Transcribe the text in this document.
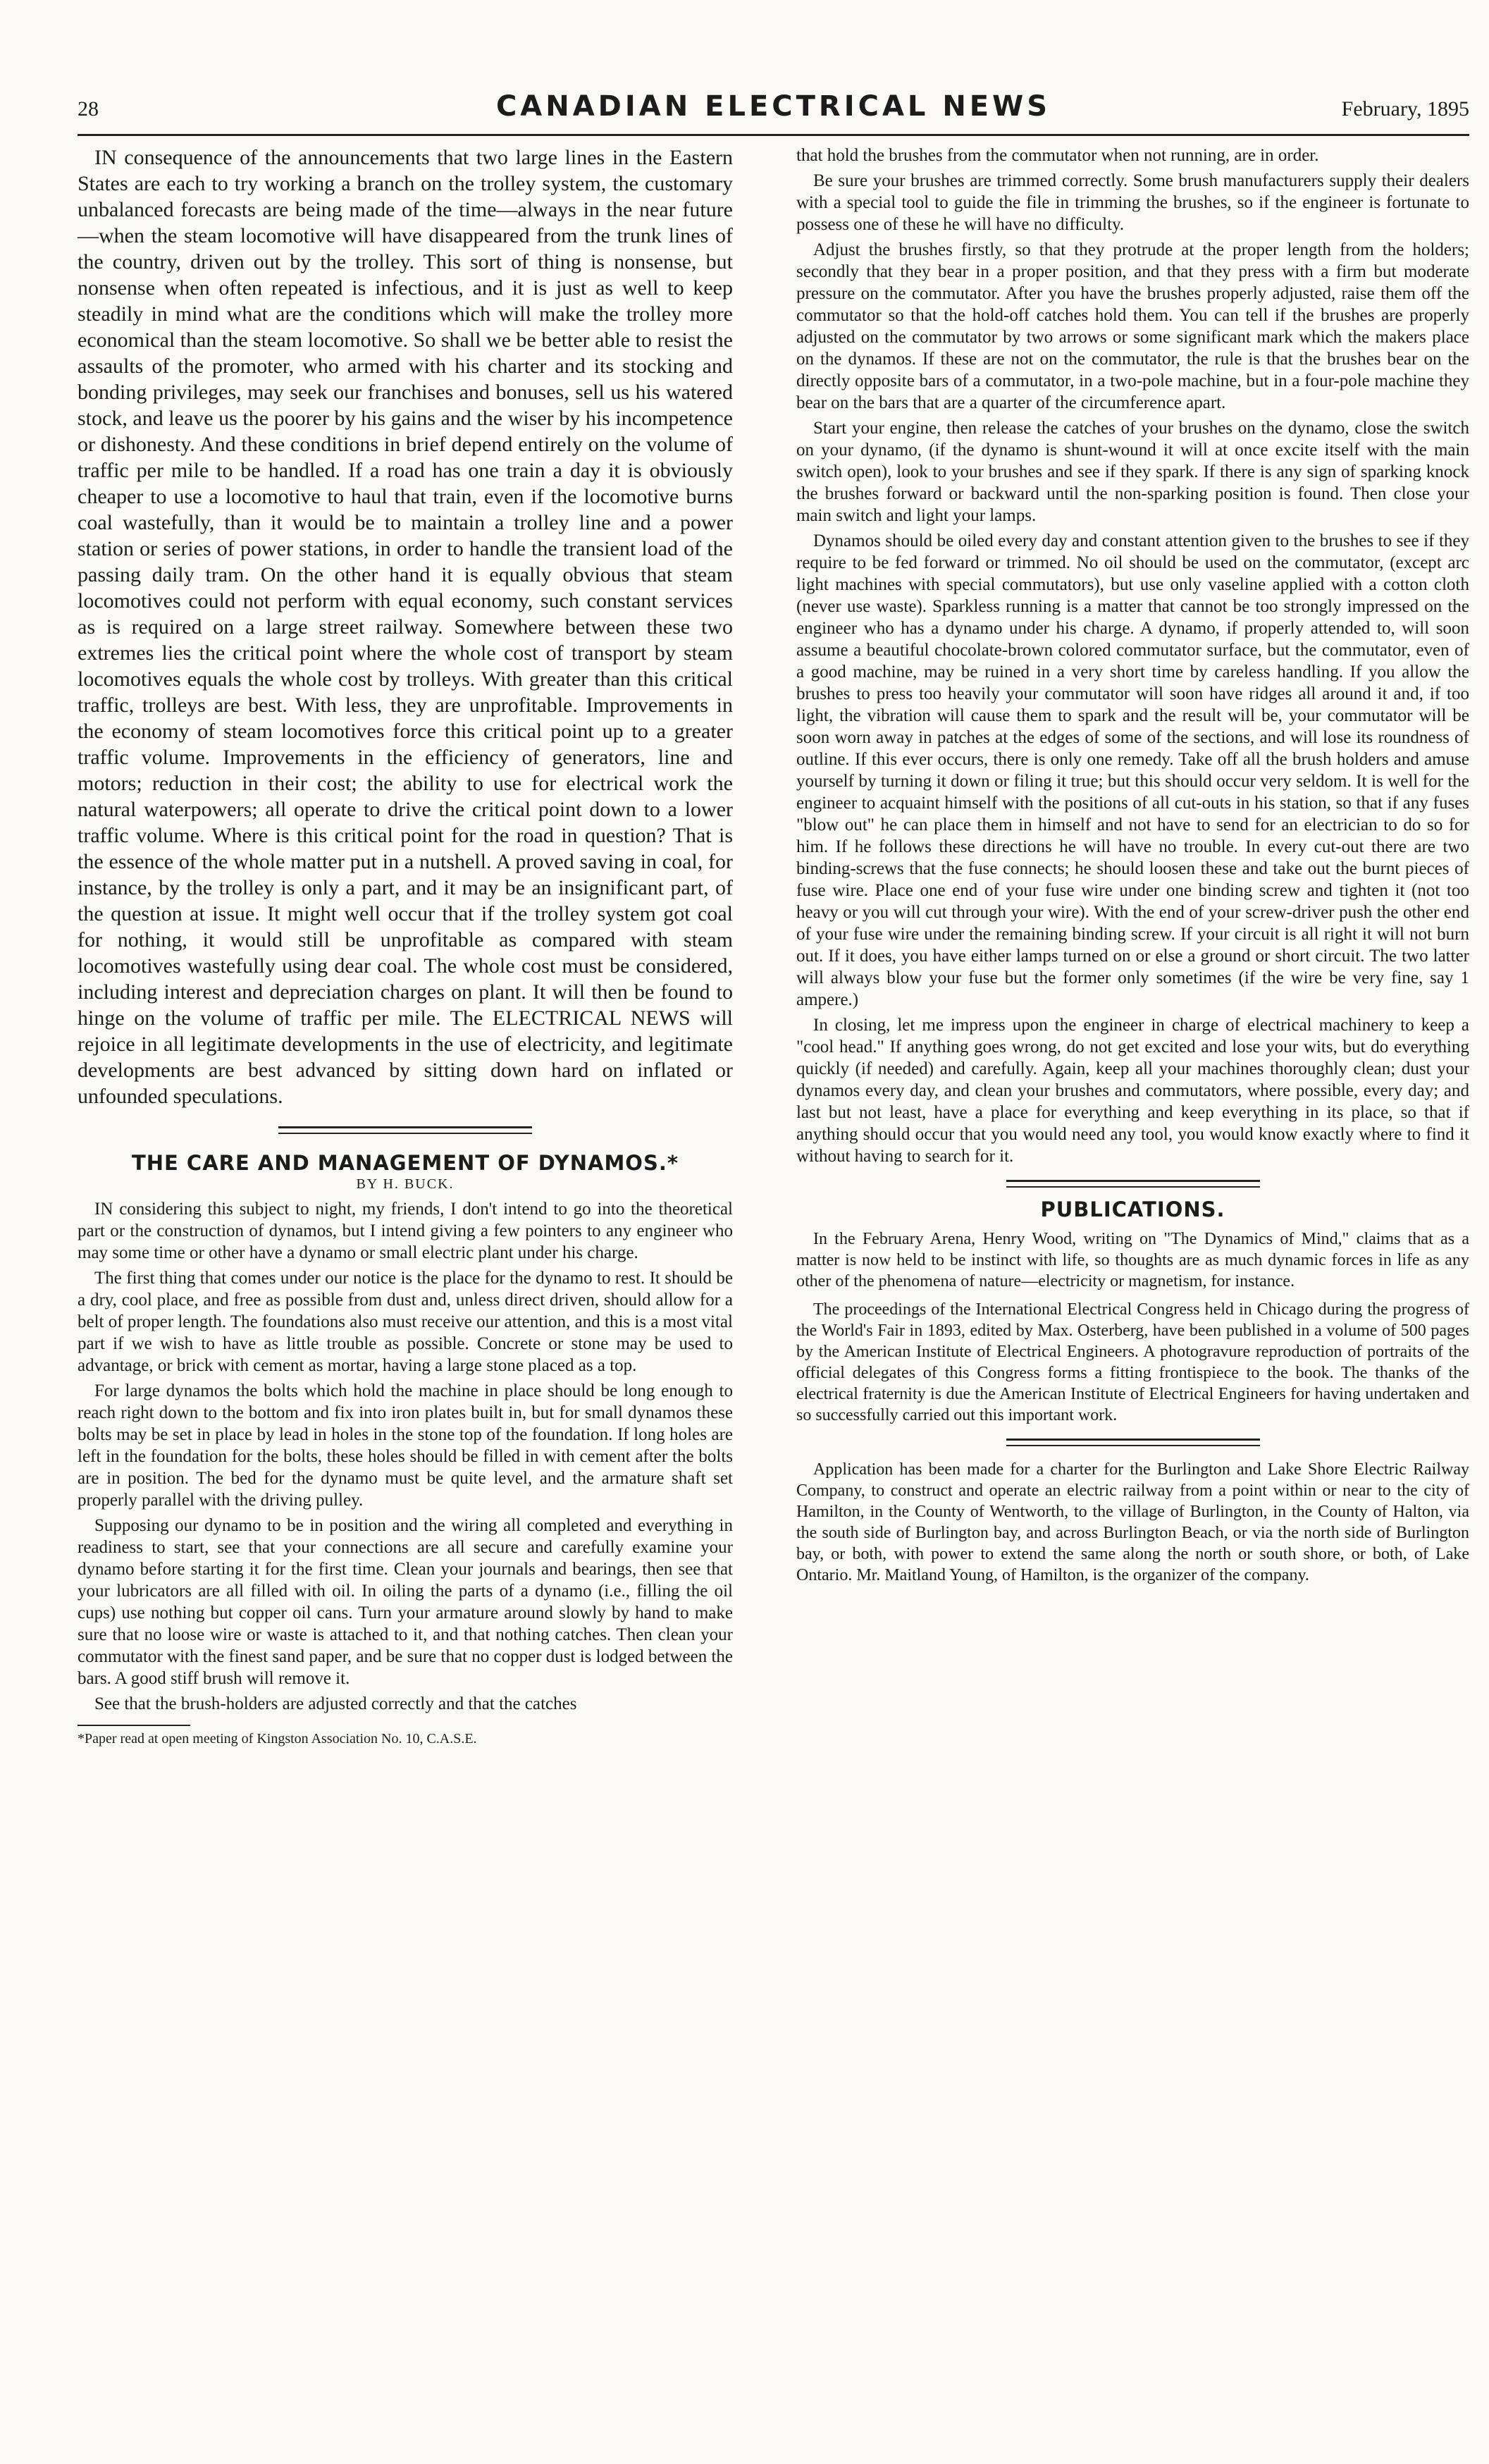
28	CANADIAN ELECTRICAL NEWS	February, 1895

IN consequence of the announcements that two large lines in the Eastern States are each to try working a branch on the trolley system, the customary unbalanced forecasts are being made of the time—always in the near future—when the steam locomotive will have disappeared from the trunk lines of the country, driven out by the trolley. This sort of thing is nonsense, but nonsense when often repeated is infectious, and it is just as well to keep steadily in mind what are the conditions which will make the trolley more economical than the steam locomotive. So shall we be better able to resist the assaults of the promoter, who armed with his charter and its stocking and bonding privileges, may seek our franchises and bonuses, sell us his watered stock, and leave us the poorer by his gains and the wiser by his incompetence or dishonesty. And these conditions in brief depend entirely on the volume of traffic per mile to be handled. If a road has one train a day it is obviously cheaper to use a locomotive to haul that train, even if the locomotive burns coal wastefully, than it would be to maintain a trolley line and a power station or series of power stations, in order to handle the transient load of the passing daily tram. On the other hand it is equally obvious that steam locomotives could not perform with equal economy, such constant services as is required on a large street railway. Somewhere between these two extremes lies the critical point where the whole cost of transport by steam locomotives equals the whole cost by trolleys. With greater than this critical traffic, trolleys are best. With less, they are unprofitable. Improvements in the economy of steam locomotives force this critical point up to a greater traffic volume. Improvements in the efficiency of generators, line and motors; reduction in their cost; the ability to use for electrical work the natural waterpowers; all operate to drive the critical point down to a lower traffic volume. Where is this critical point for the road in question? That is the essence of the whole matter put in a nutshell. A proved saving in coal, for instance, by the trolley is only a part, and it may be an insignificant part, of the question at issue. It might well occur that if the trolley system got coal for nothing, it would still be unprofitable as compared with steam locomotives wastefully using dear coal. The whole cost must be considered, including interest and depreciation charges on plant. It will then be found to hinge on the volume of traffic per mile. The ELECTRICAL NEWS will rejoice in all legitimate developments in the use of electricity, and legitimate developments are best advanced by sitting down hard on inflated or unfounded speculations.

THE CARE AND MANAGEMENT OF DYNAMOS.*
BY H. BUCK.

IN considering this subject to night, my friends, I don't intend to go into the theoretical part or the construction of dynamos, but I intend giving a few pointers to any engineer who may some time or other have a dynamo or small electric plant under his charge.

The first thing that comes under our notice is the place for the dynamo to rest. It should be a dry, cool place, and free as possible from dust and, unless direct driven, should allow for a belt of proper length. The foundations also must receive our attention, and this is a most vital part if we wish to have as little trouble as possible. Concrete or stone may be used to advantage, or brick with cement as mortar, having a large stone placed as a top.

For large dynamos the bolts which hold the machine in place should be long enough to reach right down to the bottom and fix into iron plates built in, but for small dynamos these bolts may be set in place by lead in holes in the stone top of the foundation. If long holes are left in the foundation for the bolts, these holes should be filled in with cement after the bolts are in position. The bed for the dynamo must be quite level, and the armature shaft set properly parallel with the driving pulley.

Supposing our dynamo to be in position and the wiring all completed and everything in readiness to start, see that your connections are all secure and carefully examine your dynamo before starting it for the first time. Clean your journals and bearings, then see that your lubricators are all filled with oil. In oiling the parts of a dynamo (i.e., filling the oil cups) use nothing but copper oil cans. Turn your armature around slowly by hand to make sure that no loose wire or waste is attached to it, and that nothing catches. Then clean your commutator with the finest sand paper, and be sure that no copper dust is lodged between the bars. A good stiff brush will remove it.

See that the brush-holders are adjusted correctly and that the catches

*Paper read at open meeting of Kingston Association No. 10, C.A.S.E.

that hold the brushes from the commutator when not running, are in order.

Be sure your brushes are trimmed correctly. Some brush manufacturers supply their dealers with a special tool to guide the file in trimming the brushes, so if the engineer is fortunate to possess one of these he will have no difficulty.

Adjust the brushes firstly, so that they protrude at the proper length from the holders; secondly that they bear in a proper position, and that they press with a firm but moderate pressure on the commutator. After you have the brushes properly adjusted, raise them off the commutator so that the hold-off catches hold them. You can tell if the brushes are properly adjusted on the commutator by two arrows or some significant mark which the makers place on the dynamos. If these are not on the commutator, the rule is that the brushes bear on the directly opposite bars of a commutator, in a two-pole machine, but in a four-pole machine they bear on the bars that are a quarter of the circumference apart.

Start your engine, then release the catches of your brushes on the dynamo, close the switch on your dynamo, (if the dynamo is shunt-wound it will at once excite itself with the main switch open), look to your brushes and see if they spark. If there is any sign of sparking knock the brushes forward or backward until the non-sparking position is found. Then close your main switch and light your lamps.

Dynamos should be oiled every day and constant attention given to the brushes to see if they require to be fed forward or trimmed. No oil should be used on the commutator, (except arc light machines with special commutators), but use only vaseline applied with a cotton cloth (never use waste). Sparkless running is a matter that cannot be too strongly impressed on the engineer who has a dynamo under his charge. A dynamo, if properly attended to, will soon assume a beautiful chocolate-brown colored commutator surface, but the commutator, even of a good machine, may be ruined in a very short time by careless handling. If you allow the brushes to press too heavily your commutator will soon have ridges all around it and, if too light, the vibration will cause them to spark and the result will be, your commutator will be soon worn away in patches at the edges of some of the sections, and will lose its roundness of outline. If this ever occurs, there is only one remedy. Take off all the brush holders and amuse yourself by turning it down or filing it true; but this should occur very seldom. It is well for the engineer to acquaint himself with the positions of all cut-outs in his station, so that if any fuses "blow out" he can place them in himself and not have to send for an electrician to do so for him. If he follows these directions he will have no trouble. In every cut-out there are two binding-screws that the fuse connects; he should loosen these and take out the burnt pieces of fuse wire. Place one end of your fuse wire under one binding screw and tighten it (not too heavy or you will cut through your wire). With the end of your screw-driver push the other end of your fuse wire under the remaining binding screw. If your circuit is all right it will not burn out. If it does, you have either lamps turned on or else a ground or short circuit. The two latter will always blow your fuse but the former only sometimes (if the wire be very fine, say 1 ampere.)

In closing, let me impress upon the engineer in charge of electrical machinery to keep a "cool head." If anything goes wrong, do not get excited and lose your wits, but do everything quickly (if needed) and carefully. Again, keep all your machines thoroughly clean; dust your dynamos every day, and clean your brushes and commutators, where possible, every day; and last but not least, have a place for everything and keep everything in its place, so that if anything should occur that you would need any tool, you would know exactly where to find it without having to search for it.

PUBLICATIONS.

In the February Arena, Henry Wood, writing on "The Dynamics of Mind," claims that as a matter is now held to be instinct with life, so thoughts are as much dynamic forces in life as any other of the phenomena of nature—electricity or magnetism, for instance.

The proceedings of the International Electrical Congress held in Chicago during the progress of the World's Fair in 1893, edited by Max. Osterberg, have been published in a volume of 500 pages by the American Institute of Electrical Engineers. A photogravure reproduction of portraits of the official delegates of this Congress forms a fitting frontispiece to the book. The thanks of the electrical fraternity is due the American Institute of Electrical Engineers for having undertaken and so successfully carried out this important work.

Application has been made for a charter for the Burlington and Lake Shore Electric Railway Company, to construct and operate an electric railway from a point within or near to the city of Hamilton, in the County of Wentworth, to the village of Burlington, in the County of Halton, via the south side of Burlington bay, and across Burlington Beach, or via the north side of Burlington bay, or both, with power to extend the same along the north or south shore, or both, of Lake Ontario. Mr. Maitland Young, of Hamilton, is the organizer of the company.
